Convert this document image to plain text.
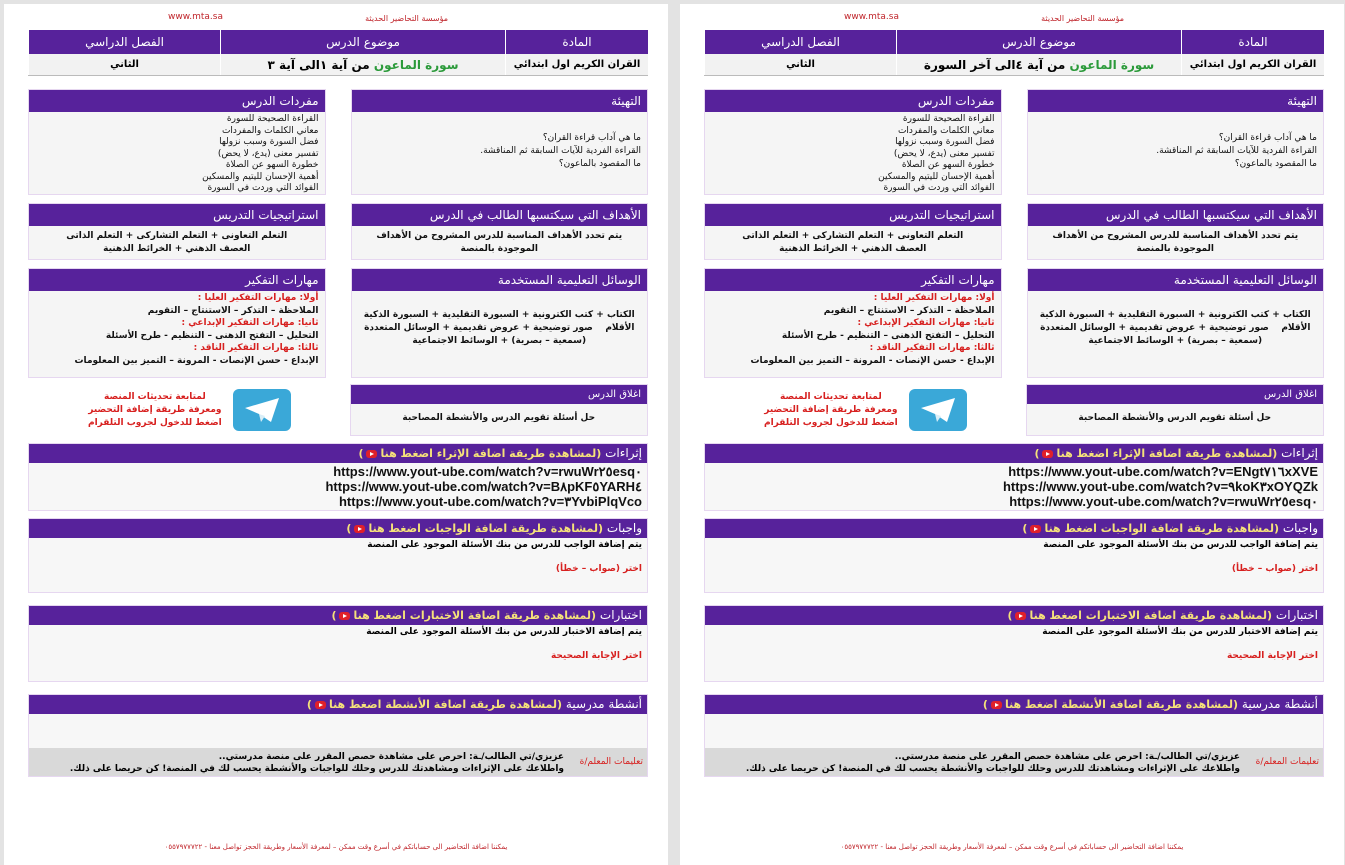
مؤسسة التحاضير الحديثة
www.mta.sa
المادة	موضوع الدرس	الفصل الدراسي
القران الكريم اول ابتدائي	سورة الماعون من آية ١الى آية ٣	الثاني
التهيئة
ما هي آداب قراءة القران؟
القراءة الفردية للآيات السابقة ثم المناقشة.
ما المقصود بالماعون؟
مفردات الدرس
القراءة الصحيحة للسورة
معاني الكلمات والمفردات
فضل السورة وسبب نزولها
تفسير معنى (يدع، لا يحض)
خطورة السهو عن الصلاة
أهمية الإحسان لليتيم والمسكين
الفوائد التي وردت في السورة
الأهداف التي سيكتسبها الطالب في الدرس
يتم تحدد الأهداف المناسبة للدرس المشروح من الأهداف الموجودة بالمنصة
استراتيجيات التدريس
التعلم التعاونى + التعلم التشاركى + التعلم الذاتى
العصف الذهني + الخرائط الذهنية
الوسائل التعليمية المستخدمة
الكتاب + كتب الكترونية + السبورة التقليدية + السبورة الذكية
الأقلام    صور توضيحية + عروض تقديمية + الوسائل المتعددة
(سمعية – بصرية) + الوسائط الاجتماعية
مهارات التفكير
أولا: مهارات التفكير العليا :
الملاحظة – التذكر – الاستنتاج – التقويم
ثانيا: مهارات التفكير الإبداعي :
التحليل – التفتح الذهنى – التنظيم - طرح الأسئلة
ثالثا: مهارات التفكير الناقد :
الإبداع - حسن الإنصات - المرونة – التميز بين المعلومات
اغلاق الدرس
حل أسئلة تقويم الدرس والأنشطة المصاحبة
لمتابعة تحديثات المنصة
ومعرفة طريقة إضافة التحضير
اضغط للدخول لجروب التلقرام
إثراءات (لمشاهدة طريقة اضافة الإثراء اضغط هنا)
https://www.yout-ube.com/watch?v=rwuWr٢٥esq٠
https://www.yout-ube.com/watch?v=B٨pKF٥YARH٤
https://www.yout-ube.com/watch?v=٣YvbiPlqVco
واجبات (لمشاهدة طريقة اضافة الواجبات اضغط هنا)
يتم إضافة الواجب للدرس من بنك الأسئلة الموجود على المنصة
اختر (صواب – خطأ)
اختبارات (لمشاهدة طريقة اضافة الاختبارات اضغط هنا)
يتم إضافة الاختبار للدرس من بنك الأسئلة الموجود على المنصة
اختر الإجابة الصحيحة
أنشطة مدرسية (لمشاهدة طريقة اضافة الأنشطة اضغط هنا)
تعليمات المعلم/ة
عزيزي/تي الطالب/ـة: احرص على مشاهدة حصص المقرر على منصة مدرستي..
واطلاعك على الإثراءات ومشاهدتك للدرس وحلك للواجبات والأنشطة يحسب لك في المنصة! كن حريصا على ذلك.
يمكننا اضافة التحاضير الى حساباتكم في أسرع وقت ممكن – لمعرفة الأسعار وطريقة الحجز تواصل معنا - ٠٥٥٧٩٧٧٧٢٢
مؤسسة التحاضير الحديثة
www.mta.sa
المادة	موضوع الدرس	الفصل الدراسي
القران الكريم اول ابتدائي	سورة الماعون من آية ٤الى آخر السورة	الثاني
التهيئة
ما هي آداب قراءة القران؟
القراءة الفردية للآيات السابقة ثم المناقشة.
ما المقصود بالماعون؟
مفردات الدرس
القراءة الصحيحة للسورة
معاني الكلمات والمفردات
فضل السورة وسبب نزولها
تفسير معنى (يدع، لا يحض)
خطورة السهو عن الصلاة
أهمية الإحسان لليتيم والمسكين
الفوائد التي وردت في السورة
الأهداف التي سيكتسبها الطالب في الدرس
يتم تحدد الأهداف المناسبة للدرس المشروح من الأهداف الموجودة بالمنصة
استراتيجيات التدريس
التعلم التعاونى + التعلم التشاركى + التعلم الذاتى
العصف الذهني + الخرائط الذهنية
الوسائل التعليمية المستخدمة
الكتاب + كتب الكترونية + السبورة التقليدية + السبورة الذكية
الأقلام    صور توضيحية + عروض تقديمية + الوسائل المتعددة
(سمعية – بصرية) + الوسائط الاجتماعية
مهارات التفكير
أولا: مهارات التفكير العليا :
الملاحظة – التذكر – الاستنتاج – التقويم
ثانيا: مهارات التفكير الإبداعي :
التحليل – التفتح الذهنى – التنظيم - طرح الأسئلة
ثالثا: مهارات التفكير الناقد :
الإبداع - حسن الإنصات - المرونة – التميز بين المعلومات
اغلاق الدرس
حل أسئلة تقويم الدرس والأنشطة المصاحبة
لمتابعة تحديثات المنصة
ومعرفة طريقة إضافة التحضير
اضغط للدخول لجروب التلقرام
إثراءات (لمشاهدة طريقة اضافة الإثراء اضغط هنا)
https://www.yout-ube.com/watch?v=ENgt٧١٦xXVE
https://www.yout-ube.com/watch?v=٩koK٣xOYQZk
https://www.yout-ube.com/watch?v=rwuWr٢٥esq٠
واجبات (لمشاهدة طريقة اضافة الواجبات اضغط هنا)
يتم إضافة الواجب للدرس من بنك الأسئلة الموجود على المنصة
اختر (صواب – خطأ)
اختبارات (لمشاهدة طريقة اضافة الاختبارات اضغط هنا)
يتم إضافة الاختبار للدرس من بنك الأسئلة الموجود على المنصة
اختر الإجابة الصحيحة
أنشطة مدرسية (لمشاهدة طريقة اضافة الأنشطة اضغط هنا)
تعليمات المعلم/ة
عزيزي/تي الطالب/ـة: احرص على مشاهدة حصص المقرر على منصة مدرستي..
واطلاعك على الإثراءات ومشاهدتك للدرس وحلك للواجبات والأنشطة يحسب لك في المنصة! كن حريصا على ذلك.
يمكننا اضافة التحاضير الى حساباتكم في أسرع وقت ممكن – لمعرفة الأسعار وطريقة الحجز تواصل معنا - ٠٥٥٧٩٧٧٧٢٢
